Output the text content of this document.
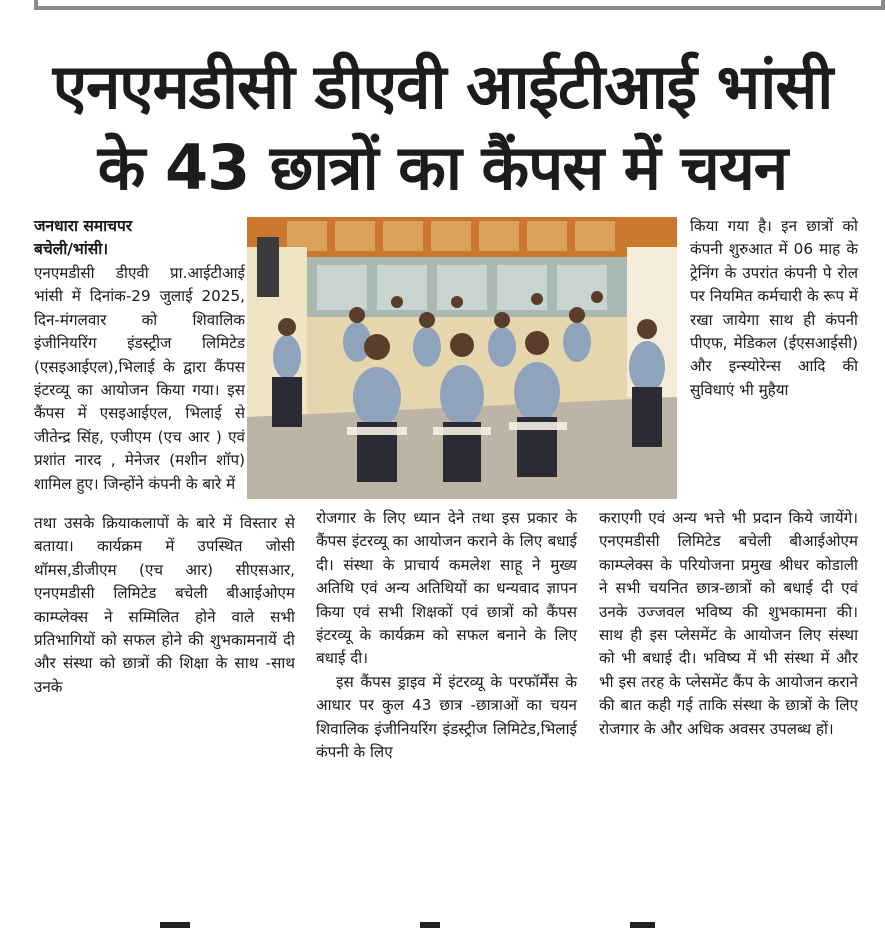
एनएमडीसी डीएवी आईटीआई भांसी
के 43 छात्रों का कैंपस में चयन

जनधारा समाचपर

बचेली/भांसी।

एनएमडीसी डीएवी प्रा.आईटीआई भांसी में दिनांक-29 जुलाई 2025, दिन-मंगलवार को शिवालिक इंजीनियरिंग इंडस्ट्रीज लिमिटेड (एसइआईएल),भिलाई के द्वारा कैंपस इंटरव्यू का आयोजन किया गया। इस कैंपस में एसइआईएल, भिलाई से जीतेन्द्र सिंह, एजीएम (एच आर ) एवं प्रशांत नारद , मेनेजर (मशीन शॉप) शामिल हुए। जिन्होंने कंपनी के बारे में

तथा उसके क्रियाकलापों के बारे में विस्तार से बताया। कार्यक्रम में उपस्थित जोसी थॉमस,डीजीएम (एच आर) सीएसआर, एनएमडीसी लिमिटेड बचेली बीआईओएम काम्प्लेक्स ने सम्मिलित होने वाले सभी प्रतिभागियों को सफल होने की शुभकामनायें दी और संस्था को छात्रों की शिक्षा के साथ -साथ उनके

रोजगार के लिए ध्यान देने तथा इस प्रकार के कैंपस इंटरव्यू का आयोजन कराने के लिए बधाई दी। संस्था के प्राचार्य कमलेश साहू ने मुख्य अतिथि एवं अन्य अतिथियों का धन्यवाद ज्ञापन किया एवं सभी शिक्षकों एवं छात्रों को कैंपस इंटरव्यू के कार्यक्रम को सफल बनाने के लिए बधाई दी।

इस कैंपस ड्राइव में इंटरव्यू के परफॉर्मेंस के आधार पर कुल 43 छात्र -छात्राओं का चयन शिवालिक इंजीनियरिंग इंडस्ट्रीज लिमिटेड,भिलाई कंपनी के लिए

किया गया है। इन छात्रों को कंपनी शुरुआत में 06 माह के ट्रेनिंग के उपरांत कंपनी पे रोल पर नियमित कर्मचारी के रूप में रखा जायेगा साथ ही कंपनी पीएफ, मेडिकल (ईएसआईसी) और इन्स्योरेन्स आदि की सुविधाएं भी मुहैया

कराएगी एवं अन्य भत्ते भी प्रदान किये जायेंगे। एनएमडीसी लिमिटेड बचेली बीआईओएम काम्प्लेक्स के परियोजना प्रमुख श्रीधर कोडाली ने सभी चयनित छात्र-छात्रों को बधाई दी एवं उनके उज्जवल भविष्य की शुभकामना की। साथ ही इस प्लेसमेंट के आयोजन लिए संस्था को भी बधाई दी। भविष्य में भी संस्था में और भी इस तरह के प्लेसमेंट कैंप के आयोजन कराने की बात कही गई ताकि संस्था के छात्रों के लिए रोजगार के और अधिक अवसर उपलब्ध हों।
